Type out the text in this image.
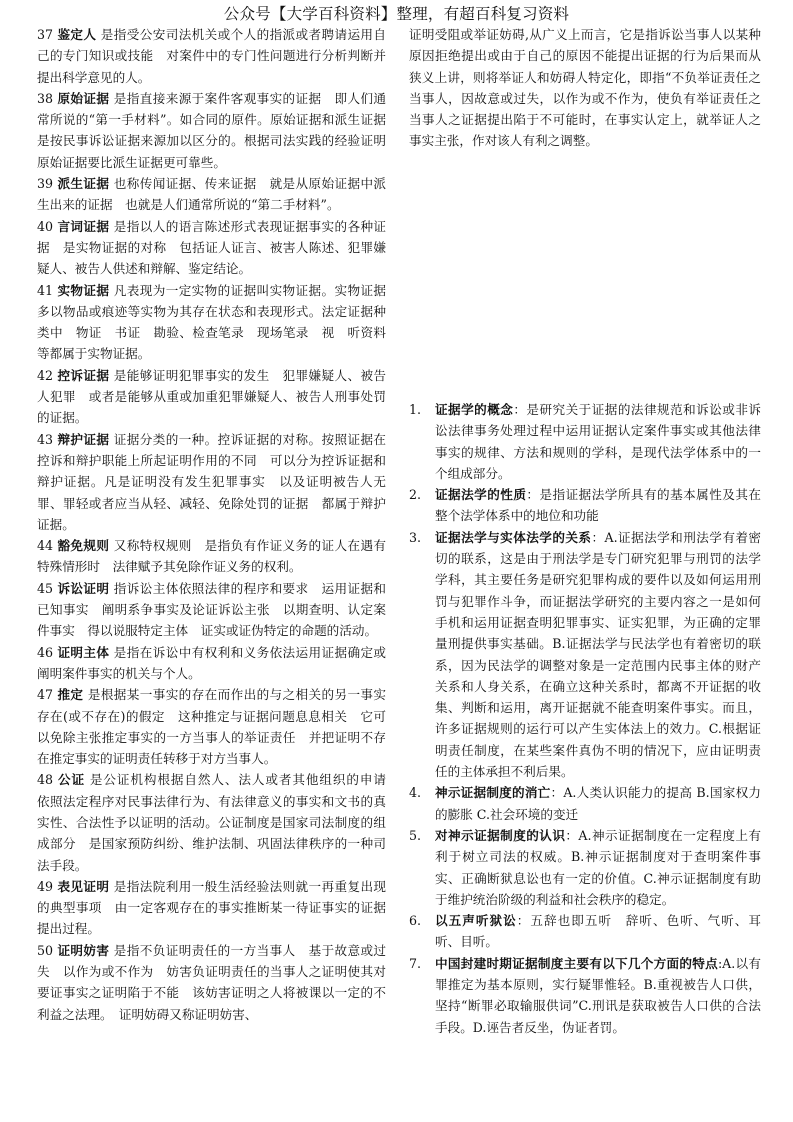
公众号【大学百科资料】整理，有超百科复习资料

37 鉴定人 是指受公安司法机关或个人的指派或者聘请运用自己的专门知识或技能　对案件中的专门性问题进行分析判断并提出科学意见的人。

38 原始证据 是指直接来源于案件客观事实的证据　即人们通常所说的“第一手材料”。如合同的原件。原始证据和派生证据　是按民事诉讼证据来源加以区分的。根据司法实践的经验证明　原始证据要比派生证据更可靠些。

39 派生证据 也称传闻证据、传来证据　就是从原始证据中派生出来的证据　也就是人们通常所说的“第二手材料”。

40 言词证据 是指以人的语言陈述形式表现证据事实的各种证据　是实物证据的对称　包括证人证言、被害人陈述、犯罪嫌疑人、被告人供述和辩解、鉴定结论。

41 实物证据 凡表现为一定实物的证据叫实物证据。实物证据多以物品或痕迹等实物为其存在状态和表现形式。法定证据种类中　物证　书证　勘验、检查笔录　现场笔录　视　听资料等都属于实物证据。

42 控诉证据 是能够证明犯罪事实的发生　犯罪嫌疑人、被告人犯罪　或者是能够从重或加重犯罪嫌疑人、被告人刑事处罚的证据。

43 辩护证据 证据分类的一种。控诉证据的对称。按照证据在控诉和辩护职能上所起证明作用的不同　可以分为控诉证据和辩护证据。凡是证明没有发生犯罪事实　以及证明被告人无罪、罪轻或者应当从轻、减轻、免除处罚的证据　都属于辩护证据。

44 豁免规则 又称特权规则　是指负有作证义务的证人在遇有特殊情形时　法律赋予其免除作证义务的权利。

45 诉讼证明 指诉讼主体依照法律的程序和要求　运用证据和已知事实　阐明系争事实及论证诉讼主张　以期查明、认定案件事实　得以说服特定主体　证实或证伪特定的命题的活动。

46 证明主体 是指在诉讼中有权利和义务依法运用证据确定或阐明案件事实的机关与个人。

47 推定 是根据某一事实的存在而作出的与之相关的另一事实存在(或不存在)的假定　这种推定与证据问题息息相关　它可以免除主张推定事实的一方当事人的举证责任　并把证明不存在推定事实的证明责任转移于对方当事人。

48 公证 是公证机构根据自然人、法人或者其他组织的申请　依照法定程序对民事法律行为、有法律意义的事实和文书的真实性、合法性予以证明的活动。公证制度是国家司法制度的组成部分　是国家预防纠纷、维护法制、巩固法律秩序的一种司法手段。

49 表见证明 是指法院利用一般生活经验法则就一再重复出现的典型事项　由一定客观存在的事实推断某一待证事实的证据提出过程。

50 证明妨害 是指不负证明责任的一方当事人　基于故意或过失　以作为或不作为　妨害负证明责任的当事人之证明使其对要证事实之证明陷于不能　该妨害证明之人将被课以一定的不利益之法理。　证明妨碍又称证明妨害、

证明受阻或举证妨碍,从广义上而言，它是指诉讼当事人以某种原因拒绝提出或由于自己的原因不能提出证据的行为后果而从狭义上讲，则将举证人和妨碍人特定化，即指“不负举证责任之当事人，因故意或过失，以作为或不作为，使负有举证责任之当事人之证据提出陷于不可能时，在事实认定上，就举证人之事实主张，作对该人有利之调整。

1.	证据学的概念：是研究关于证据的法律规范和诉讼或非诉讼法律事务处理过程中运用证据认定案件事实或其他法律事实的规律、方法和规则的学科，是现代法学体系中的一个组成部分。
2.	证据法学的性质：是指证据法学所具有的基本属性及其在整个法学体系中的地位和功能
3.	证据法学与实体法学的关系：A.证据法学和刑法学有着密切的联系，这是由于刑法学是专门研究犯罪与刑罚的法学学科，其主要任务是研究犯罪构成的要件以及如何运用刑罚与犯罪作斗争，而证据法学研究的主要内容之一是如何手机和运用证据查明犯罪事实、证实犯罪，为正确的定罪量刑提供事实基础。B.证据法学与民法学也有着密切的联系，因为民法学的调整对象是一定范围内民事主体的财产关系和人身关系，在确立这种关系时，都离不开证据的收集、判断和运用，离开证据就不能查明案件事实。而且，许多证据规则的运行可以产生实体法上的效力。C.根据证明责任制度，在某些案件真伪不明的情况下，应由证明责任的主体承担不利后果。
4.	神示证据制度的消亡：A.人类认识能力的提高 B.国家权力的膨胀 C.社会环境的变迁
5.	对神示证据制度的认识：A.神示证据制度在一定程度上有利于树立司法的权威。B.神示证据制度对于查明案件事实、正确断狱息讼也有一定的价值。C.神示证据制度有助于维护统治阶级的利益和社会秩序的稳定。
6.	以五声听狱讼：五辞也即五听　辞听、色听、气听、耳听、目听。
7.	中国封建时期证据制度主要有以下几个方面的特点:A.以有罪推定为基本原则，实行疑罪惟轻。B.重视被告人口供，坚持“断罪必取输服供词”C.刑讯是获取被告人口供的合法手段。D.诬告者反坐，伪证者罚。
